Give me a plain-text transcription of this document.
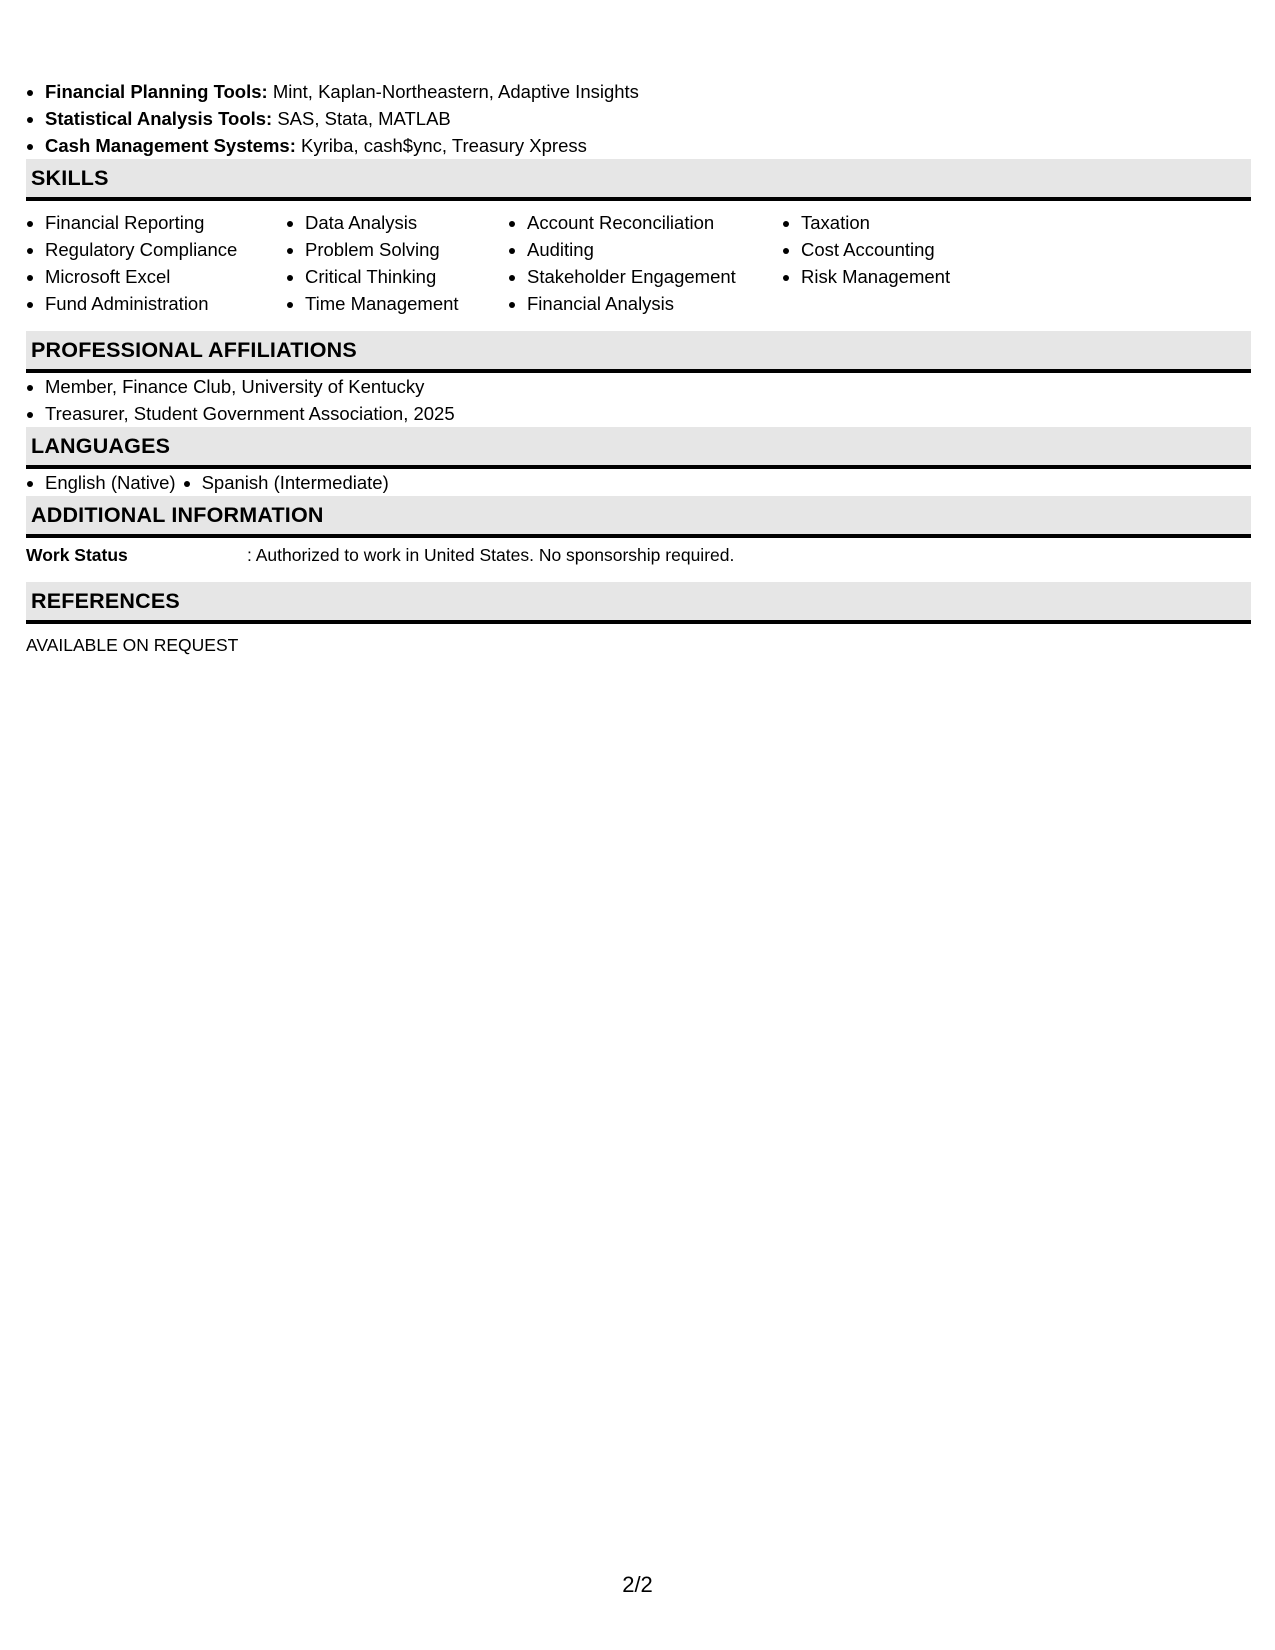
• Financial Planning Tools: Mint, Kaplan-Northeastern, Adaptive Insights
• Statistical Analysis Tools: SAS, Stata, MATLAB
• Cash Management Systems: Kyriba, cash$ync, Treasury Xpress
SKILLS
• Financial Reporting
• Regulatory Compliance
• Microsoft Excel
• Fund Administration
• Data Analysis
• Problem Solving
• Critical Thinking
• Time Management
• Account Reconciliation
• Auditing
• Stakeholder Engagement
• Financial Analysis
• Taxation
• Cost Accounting
• Risk Management
PROFESSIONAL AFFILIATIONS
• Member, Finance Club, University of Kentucky
• Treasurer, Student Government Association, 2025
LANGUAGES
• English (Native)
• Spanish (Intermediate)
ADDITIONAL INFORMATION
Work Status	: Authorized to work in United States. No sponsorship required.
REFERENCES
AVAILABLE ON REQUEST
2/2
